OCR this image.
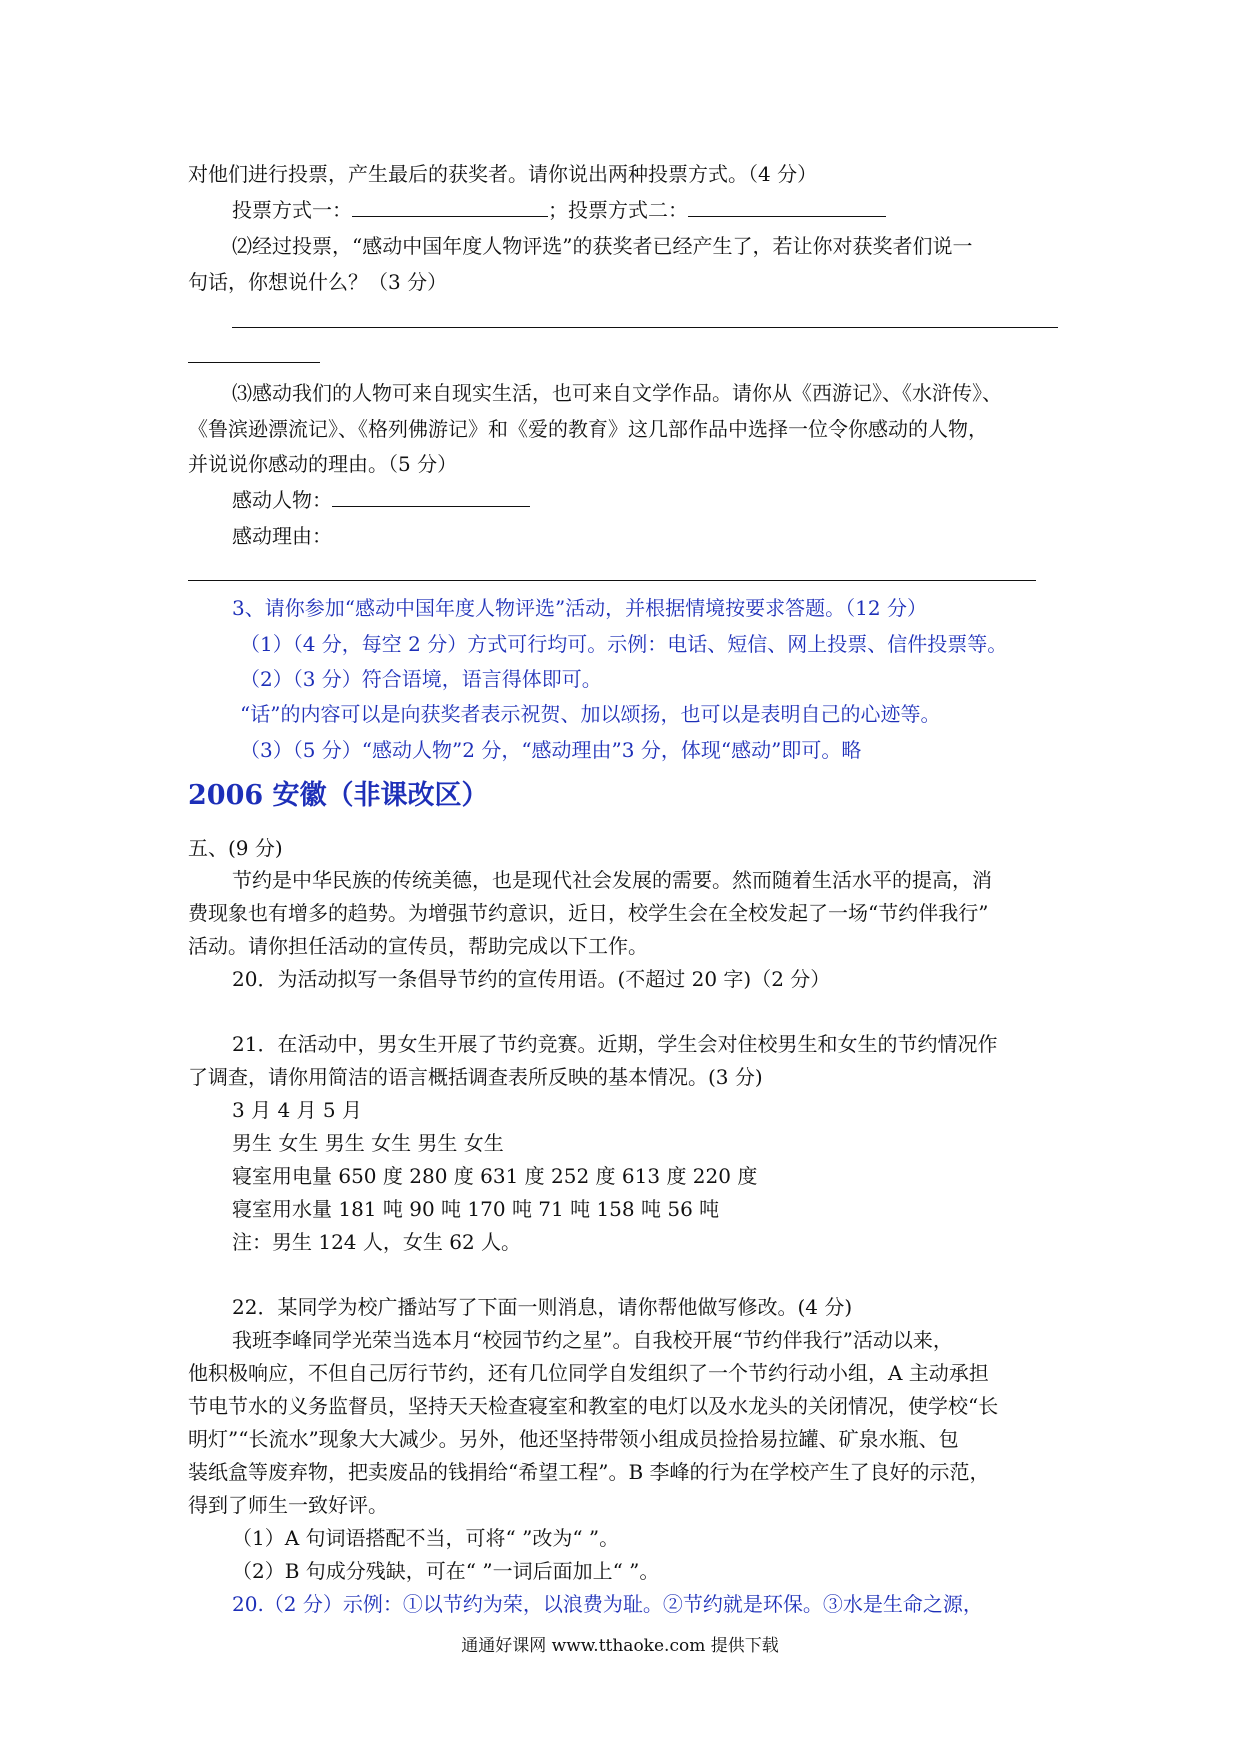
对他们进行投票，产生最后的获奖者。请你说出两种投票方式。（4 分）
投票方式一：	；投票方式二：
⑵经过投票，“感动中国年度人物评选”的获奖者已经产生了，若让你对获奖者们说一
句话，你想说什么？（3 分）
⑶感动我们的人物可来自现实生活，也可来自文学作品。请你从《西游记》、《水浒传》、
《鲁滨逊漂流记》、《格列佛游记》和《爱的教育》这几部作品中选择一位令你感动的人物，
并说说你感动的理由。（5 分）
感动人物：
感动理由：
3、请你参加“感动中国年度人物评选”活动，并根据情境按要求答题。（12 分）
（1）（4 分，每空 2 分）方式可行均可。示例：电话、短信、网上投票、信件投票等。
（2）（3 分）符合语境，语言得体即可。
“话”的内容可以是向获奖者表示祝贺、加以颂扬，也可以是表明自己的心迹等。
（3）（5 分）“感动人物”2 分，“感动理由”3 分，体现“感动”即可。略
2006 安徽（非课改区）
五、(9 分)
节约是中华民族的传统美德，也是现代社会发展的需要。然而随着生活水平的提高，消
费现象也有增多的趋势。为增强节约意识，近日，校学生会在全校发起了一场“节约伴我行”
活动。请你担任活动的宣传员，帮助完成以下工作。
20．为活动拟写一条倡导节约的宣传用语。(不超过 20 字)（2 分）
21．在活动中，男女生开展了节约竞赛。近期，学生会对住校男生和女生的节约情况作
了调查，请你用简洁的语言概括调查表所反映的基本情况。(3 分)
3 月 4 月 5 月
男生 女生 男生 女生 男生 女生
寝室用电量 650 度 280 度 631 度 252 度 613 度 220 度
寝室用水量 181 吨 90 吨 170 吨 71 吨 158 吨 56 吨
注：男生 124 人，女生 62 人。
22．某同学为校广播站写了下面一则消息，请你帮他做写修改。(4 分)
我班李峰同学光荣当选本月“校园节约之星”。自我校开展“节约伴我行”活动以来，
他积极响应，不但自己厉行节约，还有几位同学自发组织了一个节约行动小组，A 主动承担
节电节水的义务监督员，坚持天天检查寝室和教室的电灯以及水龙头的关闭情况，使学校“长
明灯”“长流水”现象大大减少。另外，他还坚持带领小组成员捡拾易拉罐、矿泉水瓶、包
装纸盒等废弃物，把卖废品的钱捐给“希望工程”。B 李峰的行为在学校产生了良好的示范，
得到了师生一致好评。
（1）A 句词语搭配不当，可将“ ”改为“ ”。
（2）B 句成分残缺，可在“ ”一词后面加上“ ”。
20.（2 分）示例：①以节约为荣，以浪费为耻。②节约就是环保。③水是生命之源，
通通好课网 www.tthaoke.com 提供下载
